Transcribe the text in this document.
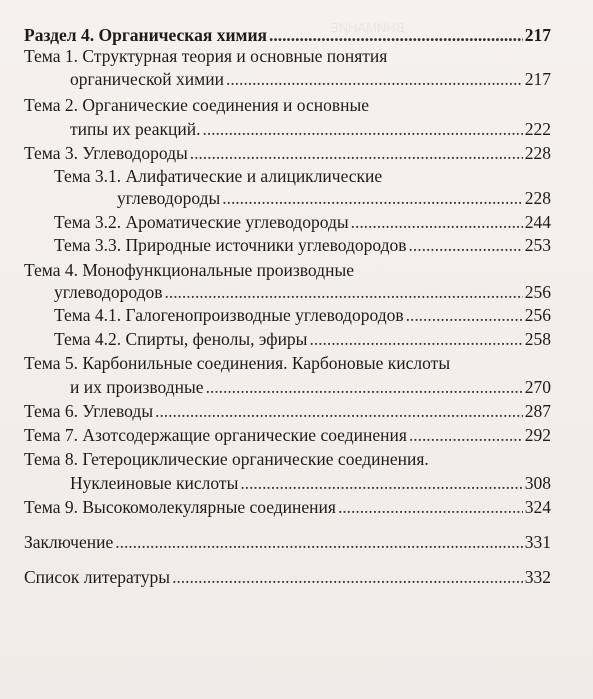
ВНИМАНИЕ
Раздел 4. Органическая химия . . .	217
Тема 1. Структурная теория и основные понятия
органической химии . . .	217
Тема 2. Органические соединения и основные
типы их реакций. . . .	222
Тема 3. Углеводороды . . .	228
Тема 3.1. Алифатические и алициклические
углеводороды . . .	228
Тема 3.2. Ароматические углеводороды . . .	244
Тема 3.3. Природные источники углеводородов . . .	253
Тема 4. Монофункциональные производные
углеводородов . . .	256
Тема 4.1. Галогенопроизводные углеводородов . . .	256
Тема 4.2. Спирты, фенолы, эфиры . . .	258
Тема 5. Карбонильные соединения. Карбоновые кислоты
и их производные . . .	270
Тема 6. Углеводы . . .	287
Тема 7. Азотсодержащие органические соединения . . .	292
Тема 8. Гетероциклические органические соединения.
Нуклеиновые кислоты . . .	308
Тема 9. Высокомолекулярные соединения . . .	324
Заключение . . .	331
Список литературы . . .	332
